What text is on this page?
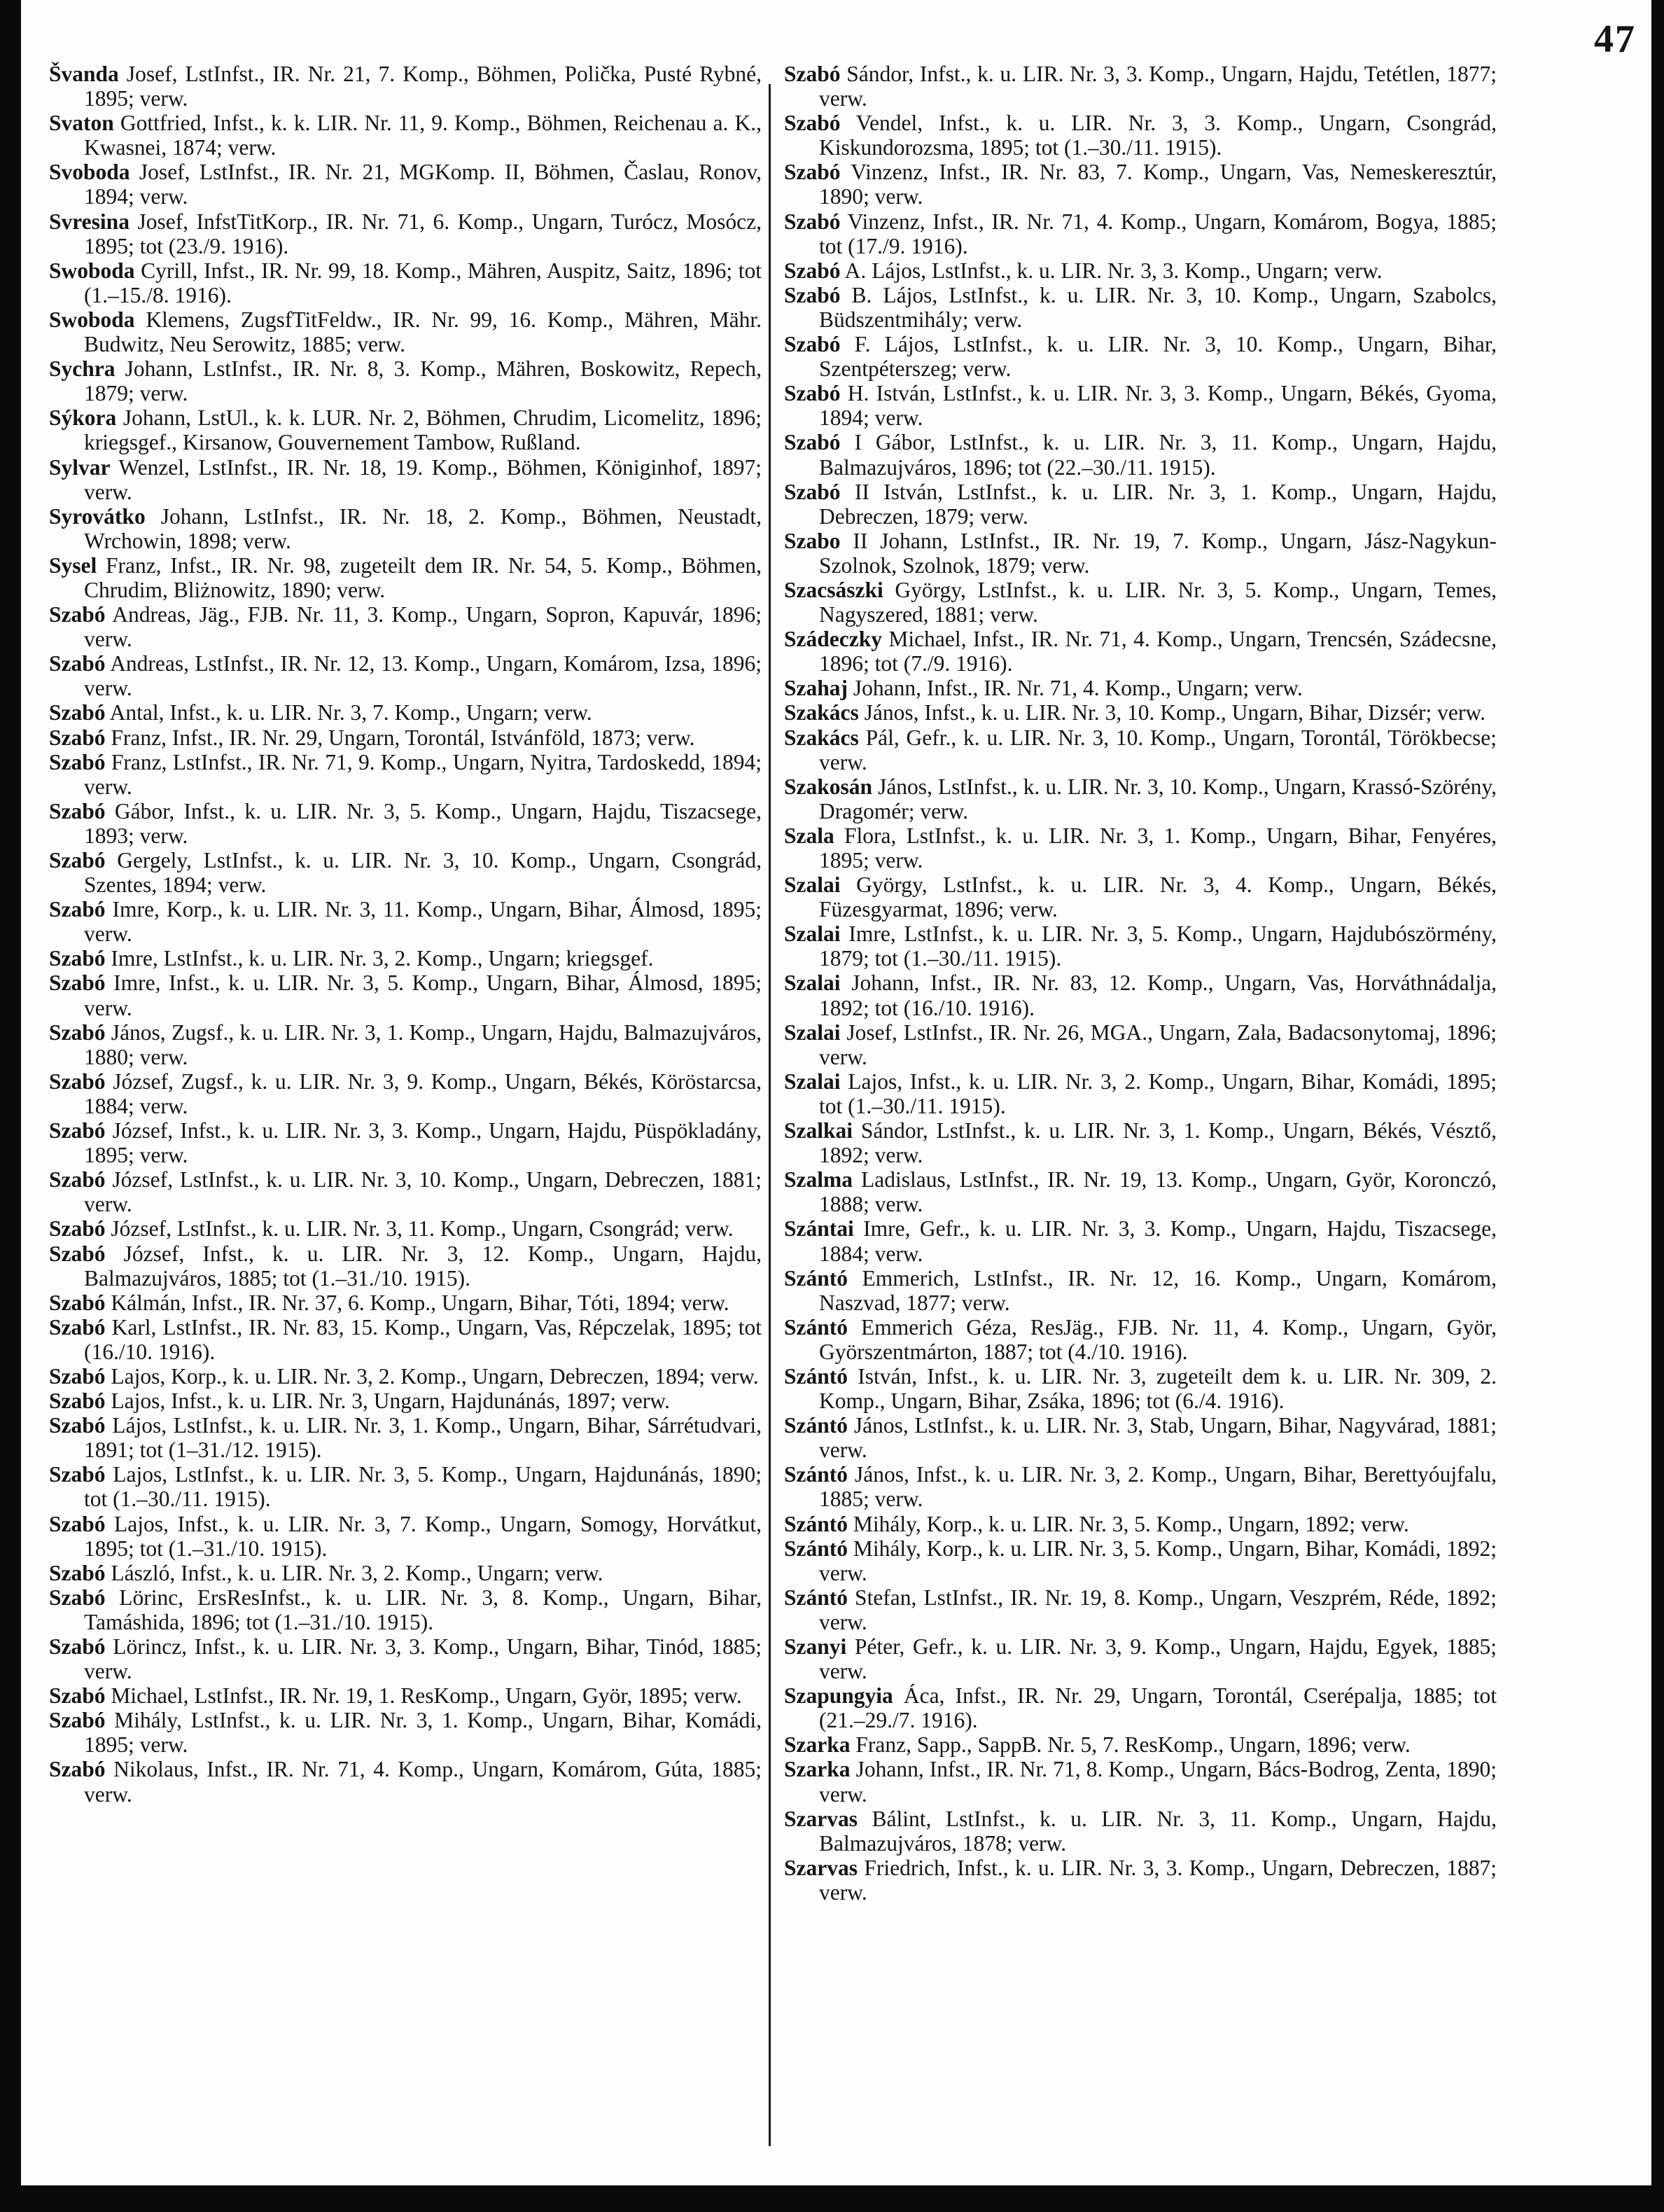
47
Švanda Josef, LstInfst., IR. Nr. 21, 7. Komp., Böhmen, Polička, Pusté Rybné, 1895; verw.
Svaton Gottfried, Infst., k. k. LIR. Nr. 11, 9. Komp., Böhmen, Reichenau a. K., Kwasnei, 1874; verw.
Svoboda Josef, LstInfst., IR. Nr. 21, MGKomp. II, Böhmen, Časlau, Ronov, 1894; verw.
Svresina Josef, InfstTitKorp., IR. Nr. 71, 6. Komp., Ungarn, Turócz, Mosócz, 1895; tot (23./9. 1916).
Swoboda Cyrill, Infst., IR. Nr. 99, 18. Komp., Mähren, Auspitz, Saitz, 1896; tot (1.–15./8. 1916).
Swoboda Klemens, ZugsfTitFeldw., IR. Nr. 99, 16. Komp., Mähren, Mähr. Budwitz, Neu Serowitz, 1885; verw.
Sychra Johann, LstInfst., IR. Nr. 8, 3. Komp., Mähren, Boskowitz, Repech, 1879; verw.
Sýkora Johann, LstUl., k. k. LUR. Nr. 2, Böhmen, Chrudim, Licomelitz, 1896; kriegsgef., Kirsanow, Gouvernement Tambow, Rußland.
Sylvar Wenzel, LstInfst., IR. Nr. 18, 19. Komp., Böhmen, Königinhof, 1897; verw.
Syrovátko Johann, LstInfst., IR. Nr. 18, 2. Komp., Böhmen, Neustadt, Wrchowin, 1898; verw.
Sysel Franz, Infst., IR. Nr. 98, zugeteilt dem IR. Nr. 54, 5. Komp., Böhmen, Chrudim, Bliżnowitz, 1890; verw.
Szabó Andreas, Jäg., FJB. Nr. 11, 3. Komp., Ungarn, Sopron, Kapuvár, 1896; verw.
Szabó Andreas, LstInfst., IR. Nr. 12, 13. Komp., Ungarn, Komárom, Izsa, 1896; verw.
Szabó Antal, Infst., k. u. LIR. Nr. 3, 7. Komp., Ungarn; verw.
Szabó Franz, Infst., IR. Nr. 29, Ungarn, Torontál, Istvánföld, 1873; verw.
Szabó Franz, LstInfst., IR. Nr. 71, 9. Komp., Ungarn, Nyitra, Tardoskedd, 1894; verw.
Szabó Gábor, Infst., k. u. LIR. Nr. 3, 5. Komp., Ungarn, Hajdu, Tiszacsege, 1893; verw.
Szabó Gergely, LstInfst., k. u. LIR. Nr. 3, 10. Komp., Ungarn, Csongrád, Szentes, 1894; verw.
Szabó Imre, Korp., k. u. LIR. Nr. 3, 11. Komp., Ungarn, Bihar, Álmosd, 1895; verw.
Szabó Imre, LstInfst., k. u. LIR. Nr. 3, 2. Komp., Ungarn; kriegsgef.
Szabó Imre, Infst., k. u. LIR. Nr. 3, 5. Komp., Ungarn, Bihar, Álmosd, 1895; verw.
Szabó János, Zugsf., k. u. LIR. Nr. 3, 1. Komp., Ungarn, Hajdu, Balmazujváros, 1880; verw.
Szabó József, Zugsf., k. u. LIR. Nr. 3, 9. Komp., Ungarn, Békés, Köröstarcsa, 1884; verw.
Szabó József, Infst., k. u. LIR. Nr. 3, 3. Komp., Ungarn, Hajdu, Püspökladány, 1895; verw.
Szabó József, LstInfst., k. u. LIR. Nr. 3, 10. Komp., Ungarn, Debreczen, 1881; verw.
Szabó József, LstInfst., k. u. LIR. Nr. 3, 11. Komp., Ungarn, Csongrád; verw.
Szabó József, Infst., k. u. LIR. Nr. 3, 12. Komp., Ungarn, Hajdu, Balmazujváros, 1885; tot (1.–31./10. 1915).
Szabó Kálmán, Infst., IR. Nr. 37, 6. Komp., Ungarn, Bihar, Tóti, 1894; verw.
Szabó Karl, LstInfst., IR. Nr. 83, 15. Komp., Ungarn, Vas, Répczelak, 1895; tot (16./10. 1916).
Szabó Lajos, Korp., k. u. LIR. Nr. 3, 2. Komp., Ungarn, Debreczen, 1894; verw.
Szabó Lajos, Infst., k. u. LIR. Nr. 3, Ungarn, Hajdunánás, 1897; verw.
Szabó Lájos, LstInfst., k. u. LIR. Nr. 3, 1. Komp., Ungarn, Bihar, Sárrétudvari, 1891; tot (1–31./12. 1915).
Szabó Lajos, LstInfst., k. u. LIR. Nr. 3, 5. Komp., Ungarn, Hajdunánás, 1890; tot (1.–30./11. 1915).
Szabó Lajos, Infst., k. u. LIR. Nr. 3, 7. Komp., Ungarn, Somogy, Horvátkut, 1895; tot (1.–31./10. 1915).
Szabó László, Infst., k. u. LIR. Nr. 3, 2. Komp., Ungarn; verw.
Szabó Lörinc, ErsResInfst., k. u. LIR. Nr. 3, 8. Komp., Ungarn, Bihar, Tamáshida, 1896; tot (1.–31./10. 1915).
Szabó Lörincz, Infst., k. u. LIR. Nr. 3, 3. Komp., Ungarn, Bihar, Tinód, 1885; verw.
Szabó Michael, LstInfst., IR. Nr. 19, 1. ResKomp., Ungarn, Györ, 1895; verw.
Szabó Mihály, LstInfst., k. u. LIR. Nr. 3, 1. Komp., Ungarn, Bihar, Komádi, 1895; verw.
Szabó Nikolaus, Infst., IR. Nr. 71, 4. Komp., Ungarn, Komárom, Gúta, 1885; verw.
Szabó Sándor, Infst., k. u. LIR. Nr. 3, 3. Komp., Ungarn, Hajdu, Tetétlen, 1877; verw.
Szabó Vendel, Infst., k. u. LIR. Nr. 3, 3. Komp., Ungarn, Csongrád, Kiskundorozsma, 1895; tot (1.–30./11. 1915).
Szabó Vinzenz, Infst., IR. Nr. 83, 7. Komp., Ungarn, Vas, Nemeskeresztúr, 1890; verw.
Szabó Vinzenz, Infst., IR. Nr. 71, 4. Komp., Ungarn, Komárom, Bogya, 1885; tot (17./9. 1916).
Szabó A. Lájos, LstInfst., k. u. LIR. Nr. 3, 3. Komp., Ungarn; verw.
Szabó B. Lájos, LstInfst., k. u. LIR. Nr. 3, 10. Komp., Ungarn, Szabolcs, Büdszentmihály; verw.
Szabó F. Lájos, LstInfst., k. u. LIR. Nr. 3, 10. Komp., Ungarn, Bihar, Szentpéterszeg; verw.
Szabó H. István, LstInfst., k. u. LIR. Nr. 3, 3. Komp., Ungarn, Békés, Gyoma, 1894; verw.
Szabó I Gábor, LstInfst., k. u. LIR. Nr. 3, 11. Komp., Ungarn, Hajdu, Balmazujváros, 1896; tot (22.–30./11. 1915).
Szabó II István, LstInfst., k. u. LIR. Nr. 3, 1. Komp., Ungarn, Hajdu, Debreczen, 1879; verw.
Szabo II Johann, LstInfst., IR. Nr. 19, 7. Komp., Ungarn, Jász-Nagykun-Szolnok, Szolnok, 1879; verw.
Szacsászki György, LstInfst., k. u. LIR. Nr. 3, 5. Komp., Ungarn, Temes, Nagyszered, 1881; verw.
Szádeczky Michael, Infst., IR. Nr. 71, 4. Komp., Ungarn, Trencsén, Szádecsne, 1896; tot (7./9. 1916).
Szahaj Johann, Infst., IR. Nr. 71, 4. Komp., Ungarn; verw.
Szakács János, Infst., k. u. LIR. Nr. 3, 10. Komp., Ungarn, Bihar, Dizsér; verw.
Szakács Pál, Gefr., k. u. LIR. Nr. 3, 10. Komp., Ungarn, Torontál, Törökbecse; verw.
Szakosán János, LstInfst., k. u. LIR. Nr. 3, 10. Komp., Ungarn, Krassó-Szörény, Dragomér; verw.
Szala Flora, LstInfst., k. u. LIR. Nr. 3, 1. Komp., Ungarn, Bihar, Fenyéres, 1895; verw.
Szalai György, LstInfst., k. u. LIR. Nr. 3, 4. Komp., Ungarn, Békés, Füzesgyarmat, 1896; verw.
Szalai Imre, LstInfst., k. u. LIR. Nr. 3, 5. Komp., Ungarn, Hajdubószörmény, 1879; tot (1.–30./11. 1915).
Szalai Johann, Infst., IR. Nr. 83, 12. Komp., Ungarn, Vas, Horváthnádalja, 1892; tot (16./10. 1916).
Szalai Josef, LstInfst., IR. Nr. 26, MGA., Ungarn, Zala, Badacsonytomaj, 1896; verw.
Szalai Lajos, Infst., k. u. LIR. Nr. 3, 2. Komp., Ungarn, Bihar, Komádi, 1895; tot (1.–30./11. 1915).
Szalkai Sándor, LstInfst., k. u. LIR. Nr. 3, 1. Komp., Ungarn, Békés, Vésztő, 1892; verw.
Szalma Ladislaus, LstInfst., IR. Nr. 19, 13. Komp., Ungarn, Györ, Koronczó, 1888; verw.
Szántai Imre, Gefr., k. u. LIR. Nr. 3, 3. Komp., Ungarn, Hajdu, Tiszacsege, 1884; verw.
Szántó Emmerich, LstInfst., IR. Nr. 12, 16. Komp., Ungarn, Komárom, Naszvad, 1877; verw.
Szántó Emmerich Géza, ResJäg., FJB. Nr. 11, 4. Komp., Ungarn, Györ, Györszentmárton, 1887; tot (4./10. 1916).
Szántó István, Infst., k. u. LIR. Nr. 3, zugeteilt dem k. u. LIR. Nr. 309, 2. Komp., Ungarn, Bihar, Zsáka, 1896; tot (6./4. 1916).
Szántó János, LstInfst., k. u. LIR. Nr. 3, Stab, Ungarn, Bihar, Nagyvárad, 1881; verw.
Szántó János, Infst., k. u. LIR. Nr. 3, 2. Komp., Ungarn, Bihar, Berettyóujfalu, 1885; verw.
Szántó Mihály, Korp., k. u. LIR. Nr. 3, 5. Komp., Ungarn, 1892; verw.
Szántó Mihály, Korp., k. u. LIR. Nr. 3, 5. Komp., Ungarn, Bihar, Komádi, 1892; verw.
Szántó Stefan, LstInfst., IR. Nr. 19, 8. Komp., Ungarn, Veszprém, Réde, 1892; verw.
Szanyi Péter, Gefr., k. u. LIR. Nr. 3, 9. Komp., Ungarn, Hajdu, Egyek, 1885; verw.
Szapungyia Áca, Infst., IR. Nr. 29, Ungarn, Torontál, Cserépalja, 1885; tot (21.–29./7. 1916).
Szarka Franz, Sapp., SappB. Nr. 5, 7. ResKomp., Ungarn, 1896; verw.
Szarka Johann, Infst., IR. Nr. 71, 8. Komp., Ungarn, Bács-Bodrog, Zenta, 1890; verw.
Szarvas Bálint, LstInfst., k. u. LIR. Nr. 3, 11. Komp., Ungarn, Hajdu, Balmazujváros, 1878; verw.
Szarvas Friedrich, Infst., k. u. LIR. Nr. 3, 3. Komp., Ungarn, Debreczen, 1887; verw.
